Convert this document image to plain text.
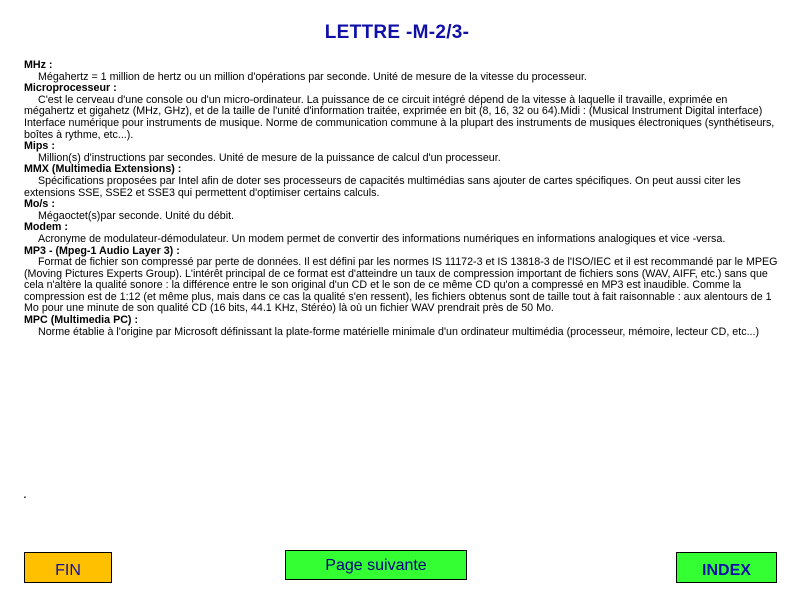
LETTRE -M-2/3-
MHz :
Mégahertz = 1 million de hertz ou un million d'opérations par seconde. Unité de mesure de la vitesse du processeur.
Microprocesseur :
C'est le cerveau d'une console ou d'un micro-ordinateur. La puissance de ce circuit intégré dépend de la vitesse à laquelle il travaille, exprimée en mégahertz et gigahetz (MHz, GHz), et de la taille de l'unité d'information traitée, exprimée en bit (8, 16, 32 ou 64).Midi : (Musical Instrument Digital interface) Interface numérique pour instruments de musique. Norme de communication commune à la plupart des instruments de musiques électroniques (synthétiseurs, boîtes à rythme, etc...).
Mips :
Million(s) d'instructions par secondes. Unité de mesure de la puissance de calcul d'un processeur.
MMX (Multimedia Extensions) :
Spécifications proposées par Intel afin de doter ses processeurs de capacités multimédias sans ajouter de cartes spécifiques. On peut aussi citer les extensions SSE, SSE2 et SSE3 qui permettent d'optimiser certains calculs.
Mo/s :
Mégaoctet(s)par seconde. Unité du débit.
Modem :
Acronyme de modulateur-démodulateur. Un modem permet de convertir des informations numériques en informations analogiques et vice -versa.
MP3 - (Mpeg-1 Audio Layer 3) :
Format de fichier son compressé par perte de données. Il est défini par les normes IS 11172-3 et IS 13818-3 de l'ISO/IEC et il est recommandé par le MPEG (Moving Pictures Experts Group). L'intérêt principal de ce format est d'atteindre un taux de compression important de fichiers sons (WAV, AIFF, etc.) sans que cela n'altère la qualité sonore : la différence entre le son original d'un CD et le son de ce même CD qu'on a compressé en MP3 est inaudible. Comme la compression est de 1:12 (et même plus, mais dans ce cas la qualité s'en ressent), les fichiers obtenus sont de taille tout à fait raisonnable : aux alentours de 1 Mo pour une minute de son qualité CD (16 bits, 44.1 KHz, Stéréo) là où un fichier WAV prendrait près de 50 Mo.
MPC (Multimedia PC) :
Norme établie à l'origine par Microsoft définissant la plate-forme matérielle minimale d'un ordinateur multimédia (processeur, mémoire, lecteur CD, etc...)
.
FIN	Page suivante	INDEX
